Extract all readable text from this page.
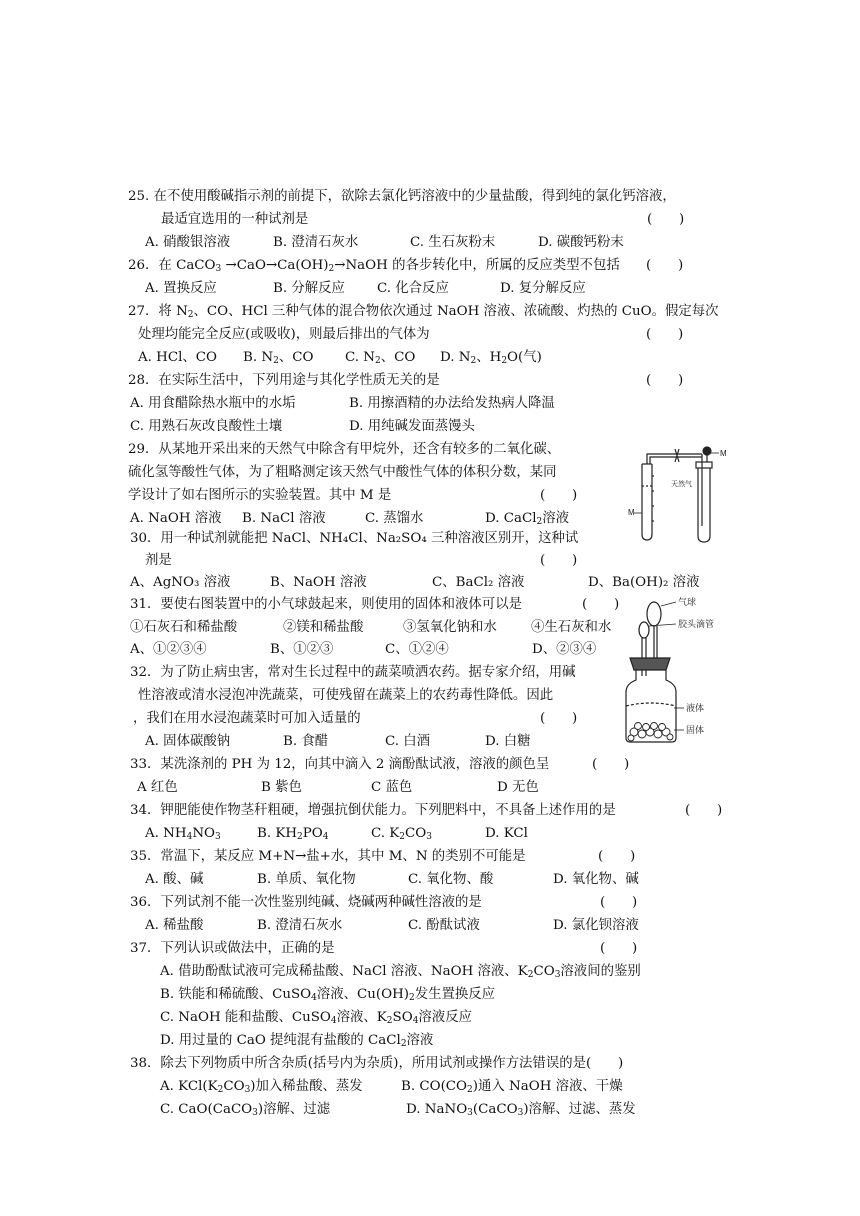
25. 在不使用酸碱指示剂的前提下，欲除去氯化钙溶液中的少量盐酸，得到纯的氯化钙溶液，
最适宜选用的一种试剂是	(　　)
A. 硝酸银溶液	B. 澄清石灰水	C. 生石灰粉末	D. 碳酸钙粉末
26．在 CaCO$_3$ $\to CaO\to Ca(OH)_2\to NaOH$ 的各步转化中，所属的反应类型不包括 (　　)
A. 置换反应	B. 分解反应 C. 化合反应	D. 复分解反应
27．将 $N_2$、CO、HCl 三种气体的混合物依次通过 NaOH 溶液、浓硫酸、灼热的 CuO。假定每次
处理均能完全反应(或吸收)，则最后排出的气体为	(　　)
A. HCl、CO B. $N_2$、CO C. $N_2$、CO D. $N_2$、$H_2O$(气)
28．在实际生活中，下列用途与其化学性质无关的是	(　　)
A. 用食醋除热水瓶中的水垢	B. 用擦酒精的办法给发热病人降温
C. 用熟石灰改良酸性土壤	D. 用纯碱发面蒸馒头
29．从某地开采出来的天然气中除含有甲烷外，还含有较多的二氧化碳、
硫化氢等酸性气体，为了粗略测定该天然气中酸性气体的体积分数，某同
学设计了如右图所示的实验装置。其中 M 是	(　　)
A. NaOH 溶液 B. NaCl 溶液	C. 蒸馏水	D. CaCl$_2$溶液	M
天然气
M
30．用一种试剂就能把 NaCl、NH₄Cl、Na₂SO₄ 三种溶液区别开，这种试
剂是	(　　)
A、AgNO₃ 溶液	B、NaOH 溶液	C、BaCl₂ 溶液	D、Ba(OH)₂ 溶液
31．要使右图装置中的小气球鼓起来，则使用的固体和液体可以是	(　　)
①石灰石和稀盐酸	②镁和稀盐酸	③氢氧化钠和水	④生石灰和水
A、①②③④	B、①②③	C、①②④	D、②③④
气球
胶头滴管
液体
固体
32．为了防止病虫害，常对生长过程中的蔬菜喷洒农药。据专家介绍，用碱
性溶液或清水浸泡冲洗蔬菜，可使残留在蔬菜上的农药毒性降低。因此
，我们在用水浸泡蔬菜时可加入适量的	(　　)
A. 固体碳酸钠	B. 食醋	C. 白酒	D. 白糖
33．某洗涤剂的 PH 为 12，向其中滴入 2 滴酚酞试液，溶液的颜色呈	(　　)
A 红色	B 紫色	C 蓝色	D 无色
34．钾肥能使作物茎秆粗硬，增强抗倒伏能力。下列肥料中，不具备上述作用的是	(　　)
A. $NH_4NO_3$	B. $KH_2PO_4$	C. $K_2CO_3$	D. KCl
35．常温下，某反应 M+N→盐+水，其中 M、N 的类别不可能是	(　　)
A. 酸、碱	B. 单质、氧化物	C. 氧化物、酸	D. 氧化物、碱
36．下列试剂不能一次性鉴别纯碱、烧碱两种碱性溶液的是	(　　)
A. 稀盐酸	B. 澄清石灰水	C. 酚酞试液	D. 氯化钡溶液
37．下列认识或做法中，正确的是	(　　)
A. 借助酚酞试液可完成稀盐酸、NaCl 溶液、NaOH 溶液、$K_2CO_3$溶液间的鉴别
B. 铁能和稀硫酸、CuSO$_4$溶液、$Cu(OH)_2$发生置换反应
C. NaOH 能和盐酸、CuSO$_4$溶液、$K_2SO_4$溶液反应
D. 用过量的 CaO 提纯混有盐酸的 CaCl$_2$溶液
38．除去下列物质中所含杂质(括号内为杂质)，所用试剂或操作方法错误的是(　　)
A. $KCl(K_2CO_3)$加入稀盐酸、蒸发	B. $CO(CO_2)$通入 NaOH 溶液、干燥
C. CaO(CaCO$_3$)溶解、过滤	D. NaNO$_3$(CaCO$_3$)溶解、过滤、蒸发
